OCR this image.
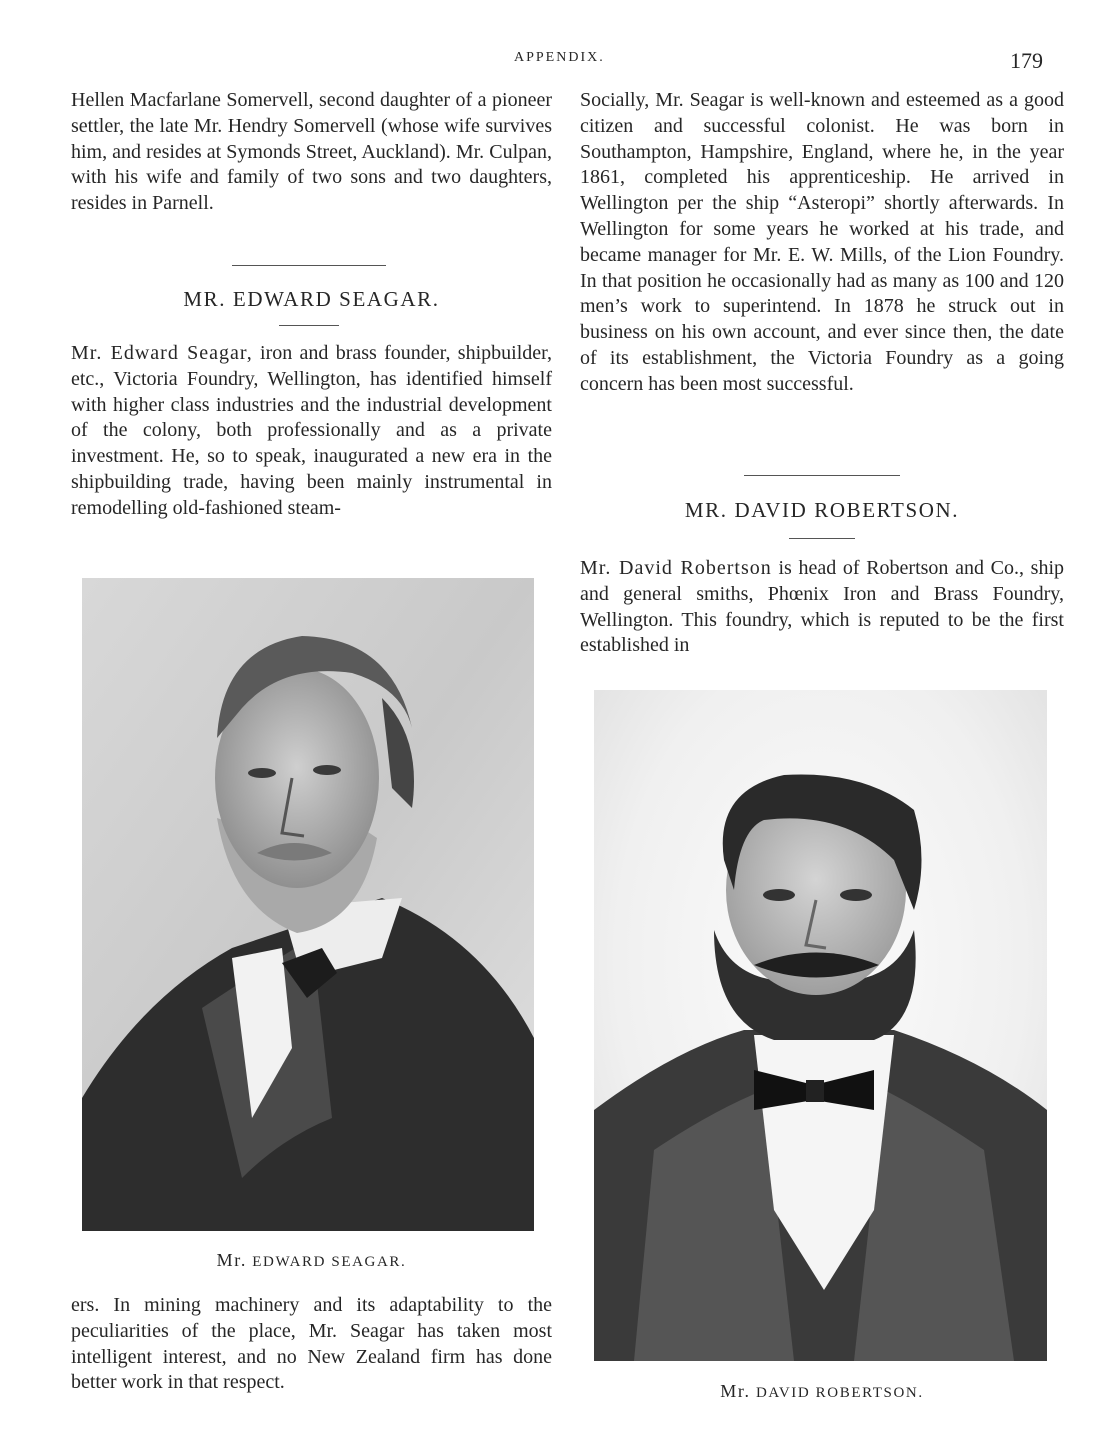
APPENDIX.	179

Hellen Macfarlane Somervell, second daughter of a pioneer settler, the late Mr. Hendry Somervell (whose wife survives him, and resides at Symonds Street, Auckland). Mr. Culpan, with his wife and family of two sons and two daughters, resides in Parnell.

MR. EDWARD SEAGAR.

Mr. Edward Seagar, iron and brass founder, shipbuilder, etc., Victoria Foundry, Wellington, has identified himself with higher class industries and the industrial development of the colony, both professionally and as a private investment. He, so to speak, inaugurated a new era in the shipbuilding trade, having been mainly instrumental in remodelling old-fashioned steam-

Mr. EDWARD SEAGAR.

ers. In mining machinery and its adaptability to the peculiarities of the place, Mr. Seagar has taken most intelligent interest, and no New Zealand firm has done better work in that respect.

Socially, Mr. Seagar is well-known and esteemed as a good citizen and successful colonist. He was born in Southampton, Hampshire, England, where he, in the year 1861, completed his apprenticeship. He arrived in Wellington per the ship “Asteropi” shortly afterwards. In Wellington for some years he worked at his trade, and became manager for Mr. E. W. Mills, of the Lion Foundry. In that position he occasionally had as many as 100 and 120 men’s work to superintend. In 1878 he struck out in business on his own account, and ever since then, the date of its establishment, the Victoria Foundry as a going concern has been most successful.

MR. DAVID ROBERTSON.

Mr. David Robertson is head of Robertson and Co., ship and general smiths, Phœnix Iron and Brass Foundry, Wellington. This foundry, which is reputed to be the first established in

Mr. DAVID ROBERTSON.
